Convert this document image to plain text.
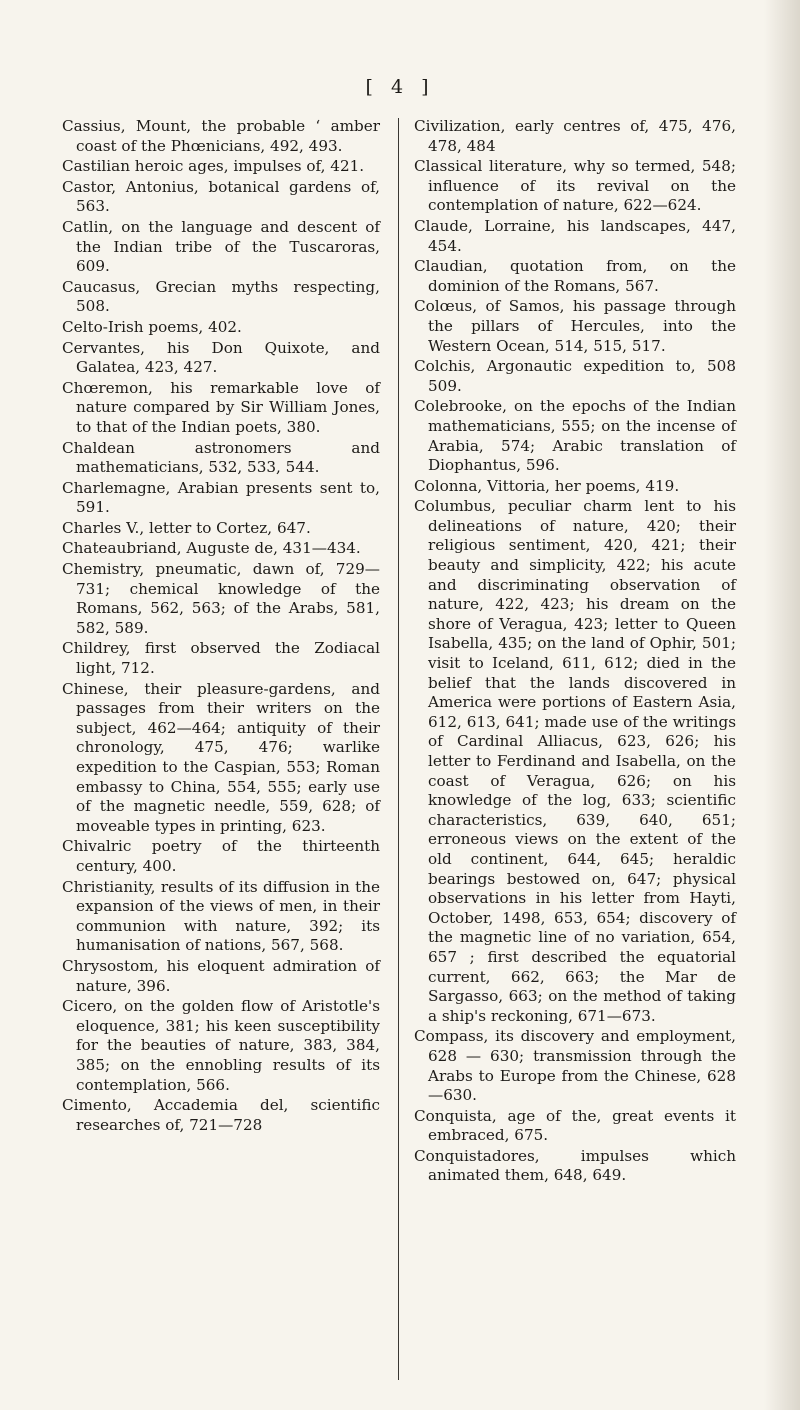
[ 4 ]

Cassius, Mount, the probable ‘ amber coast of the Phœnicians, 492, 493.

Castilian heroic ages, impulses of, 421.

Castor, Antonius, botanical gardens of, 563.

Catlin, on the language and descent of the Indian tribe of the Tuscaroras, 609.

Caucasus, Grecian myths respecting, 508.

Celto-Irish poems, 402.

Cervantes, his Don Quixote, and Galatea, 423, 427.

Chœremon, his remarkable love of nature compared by Sir William Jones, to that of the Indian poets, 380.

Chaldean astronomers and mathematicians, 532, 533, 544.

Charlemagne, Arabian presents sent to, 591.

Charles V., letter to Cortez, 647.

Chateaubriand, Auguste de, 431—434.

Chemistry, pneumatic, dawn of, 729—731; chemical knowledge of the Romans, 562, 563; of the Arabs, 581, 582, 589.

Childrey, first observed the Zodiacal light, 712.

Chinese, their pleasure-gardens, and passages from their writers on the subject, 462—464; antiquity of their chronology, 475, 476; warlike expedition to the Caspian, 553; Roman embassy to China, 554, 555; early use of the magnetic needle, 559, 628; of moveable types in printing, 623.

Chivalric poetry of the thirteenth century, 400.

Christianity, results of its diffusion in the expansion of the views of men, in their communion with nature, 392; its humanisation of nations, 567, 568.

Chrysostom, his eloquent admiration of nature, 396.

Cicero, on the golden flow of Aristotle's eloquence, 381; his keen susceptibility for the beauties of nature, 383, 384, 385; on the ennobling results of its contemplation, 566.

Cimento, Accademia del, scientific researches of, 721—728

Civilization, early centres of, 475, 476, 478, 484

Classical literature, why so termed, 548; influence of its revival on the contemplation of nature, 622—624.

Claude, Lorraine, his landscapes, 447, 454.

Claudian, quotation from, on the dominion of the Romans, 567.

Colœus, of Samos, his passage through the pillars of Hercules, into the Western Ocean, 514, 515, 517.

Colchis, Argonautic expedition to, 508 509.

Colebrooke, on the epochs of the Indian mathematicians, 555; on the incense of Arabia, 574; Arabic translation of Diophantus, 596.

Colonna, Vittoria, her poems, 419.

Columbus, peculiar charm lent to his delineations of nature, 420; their religious sentiment, 420, 421; their beauty and simplicity, 422; his acute and discriminating observation of nature, 422, 423; his dream on the shore of Veragua, 423; letter to Queen Isabella, 435; on the land of Ophir, 501; visit to Iceland, 611, 612; died in the belief that the lands discovered in America were portions of Eastern Asia, 612, 613, 641; made use of the writings of Cardinal Alliacus, 623, 626; his letter to Ferdinand and Isabella, on the coast of Veragua, 626; on his knowledge of the log, 633; scientific characteristics, 639, 640, 651; erroneous views on the extent of the old continent, 644, 645; heraldic bearings bestowed on, 647; physical observations in his letter from Hayti, October, 1498, 653, 654; discovery of the magnetic line of no variation, 654, 657 ; first described the equatorial current, 662, 663; the Mar de Sargasso, 663; on the method of taking a ship's reckoning, 671—673.

Compass, its discovery and employment, 628 — 630; transmission through the Arabs to Europe from the Chinese, 628—630.

Conquista, age of the, great events it embraced, 675.

Conquistadores, impulses which animated them, 648, 649.
